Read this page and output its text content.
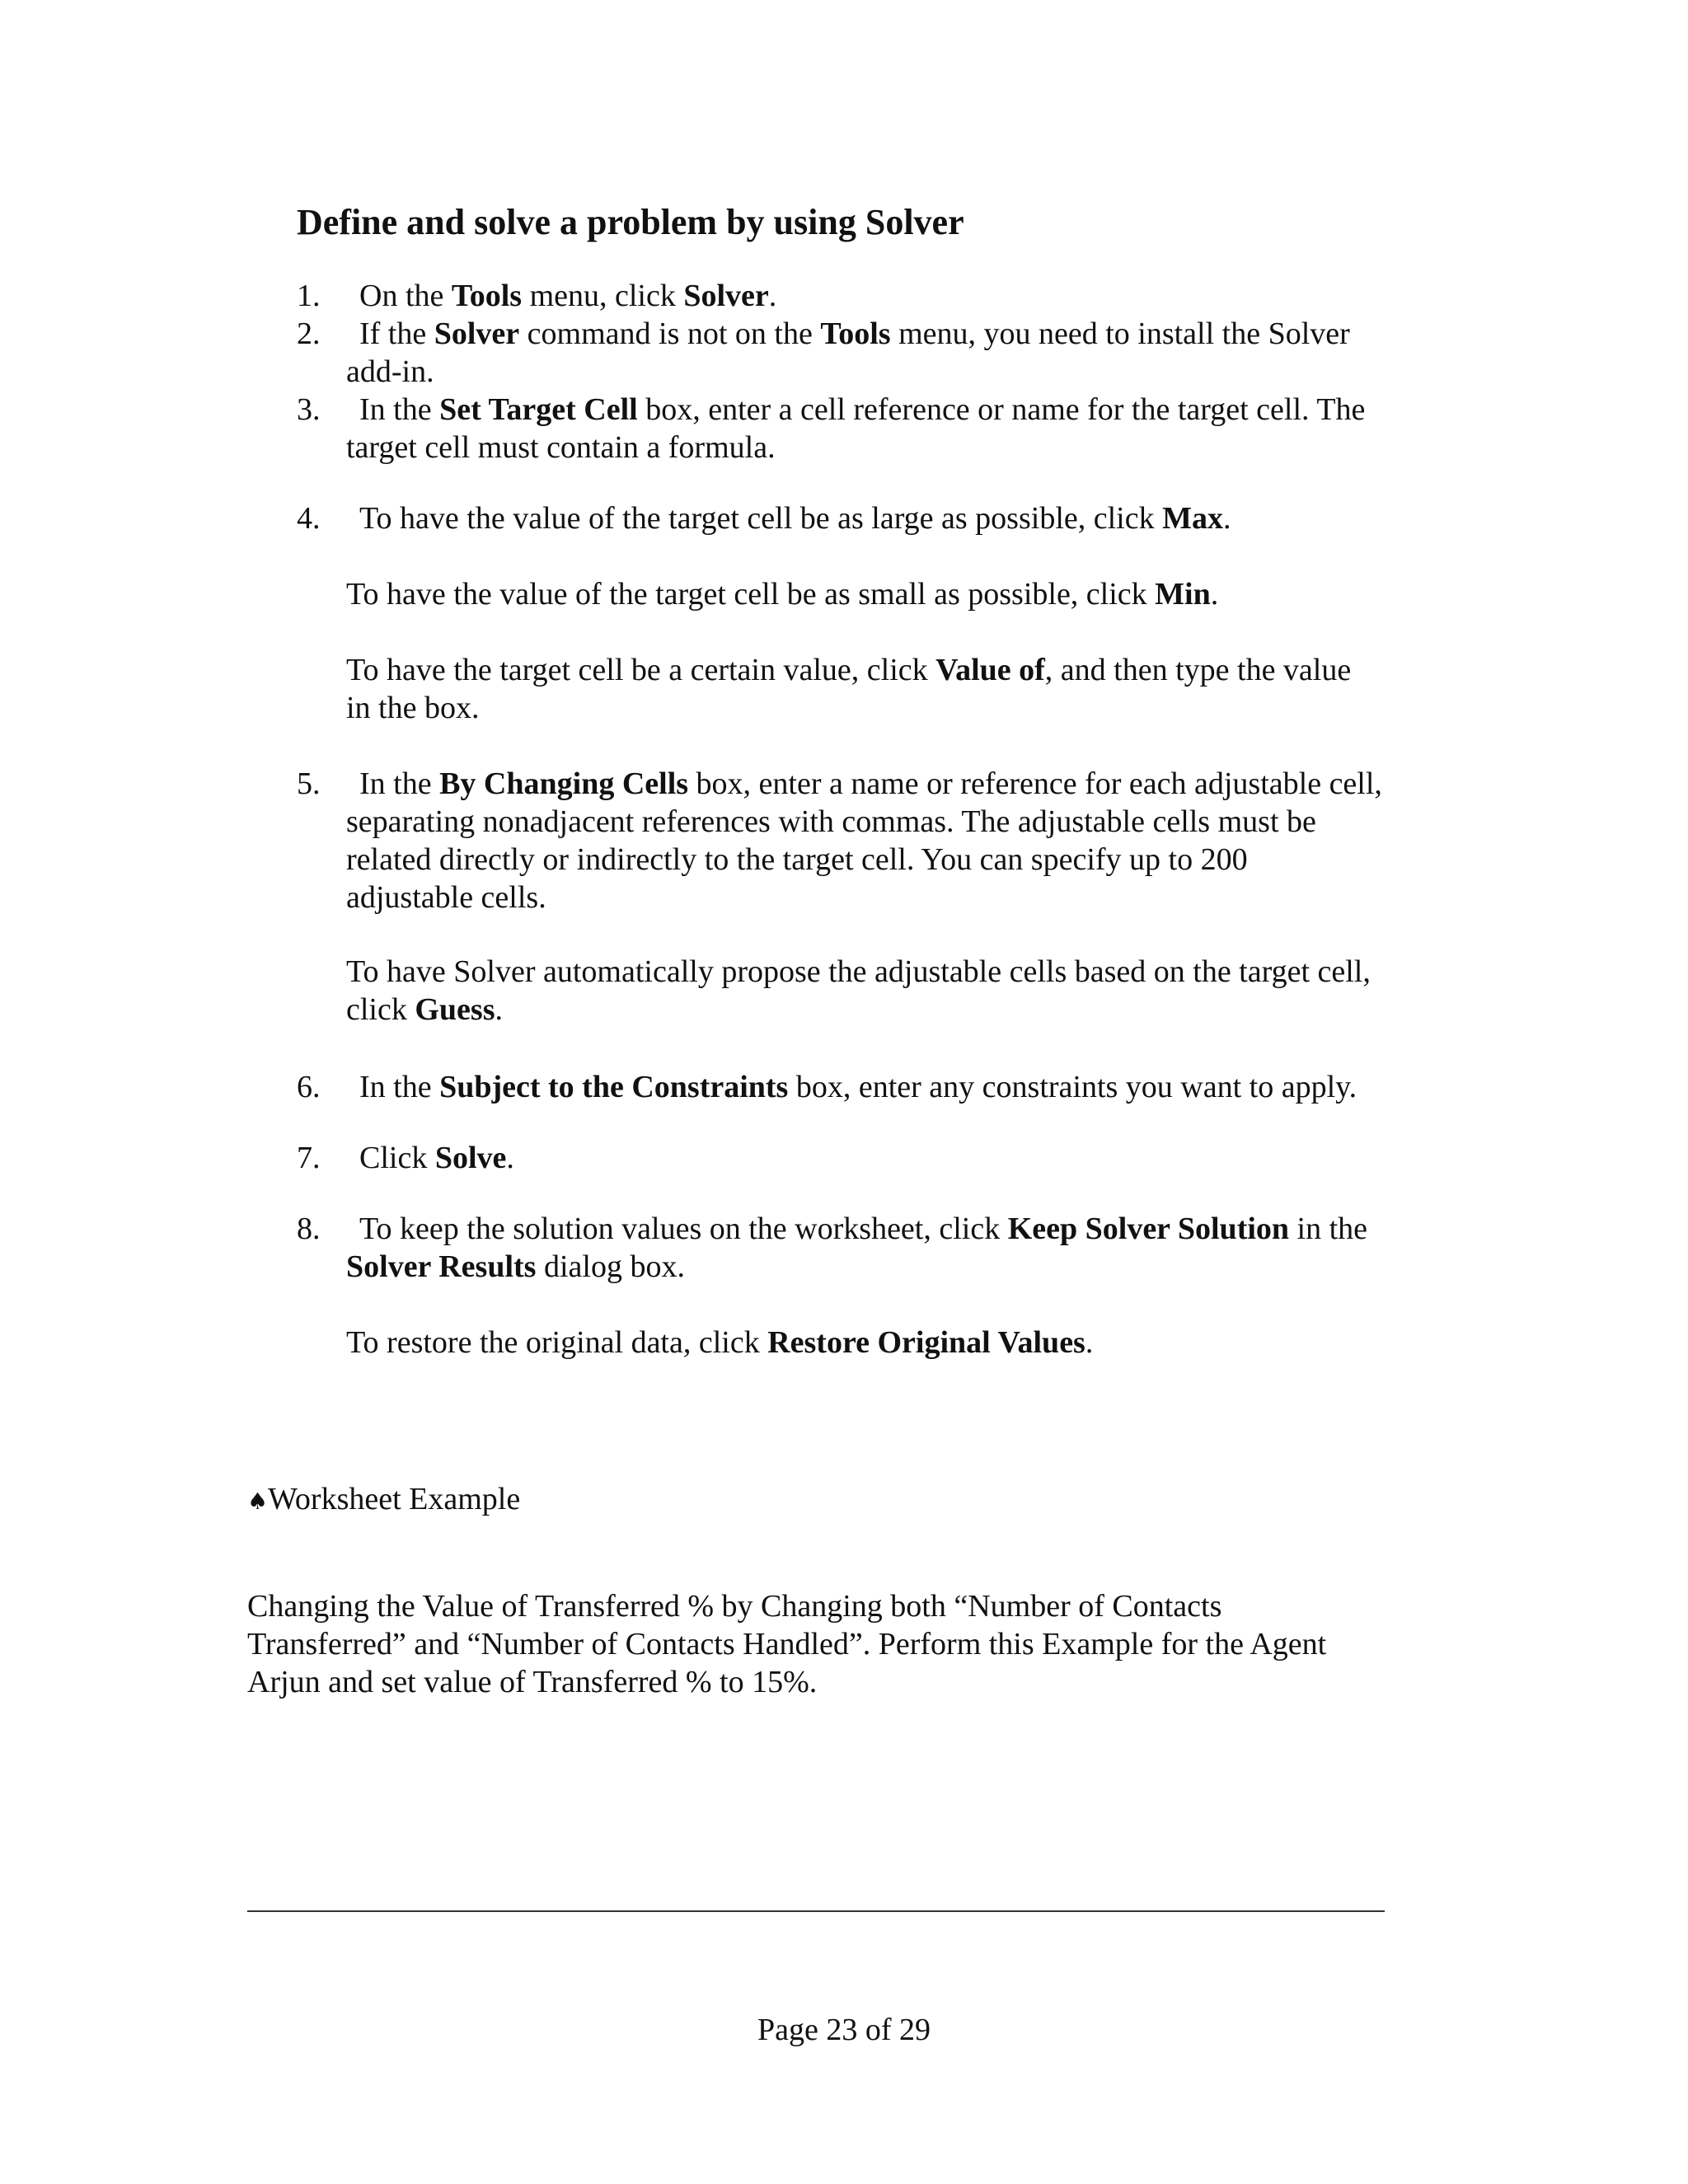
Define and solve a problem by using Solver
1. On the Tools menu, click Solver.
2. If the Solver command is not on the Tools menu, you need to install the Solver
add-in.
3. In the Set Target Cell box, enter a cell reference or name for the target cell. The
target cell must contain a formula.
4. To have the value of the target cell be as large as possible, click Max.
To have the value of the target cell be as small as possible, click Min.
To have the target cell be a certain value, click Value of, and then type the value
in the box.
5. In the By Changing Cells box, enter a name or reference for each adjustable cell,
separating nonadjacent references with commas. The adjustable cells must be
related directly or indirectly to the target cell. You can specify up to 200
adjustable cells.
To have Solver automatically propose the adjustable cells based on the target cell,
click Guess.
6. In the Subject to the Constraints box, enter any constraints you want to apply.
7. Click Solve.
8. To keep the solution values on the worksheet, click Keep Solver Solution in the
Solver Results dialog box.
To restore the original data, click Restore Original Values.
♠Worksheet Example
Changing the Value of Transferred % by Changing both “Number of Contacts
Transferred” and “Number of Contacts Handled”. Perform this Example for the Agent
Arjun and set value of Transferred % to 15%.
Page 23 of 29
